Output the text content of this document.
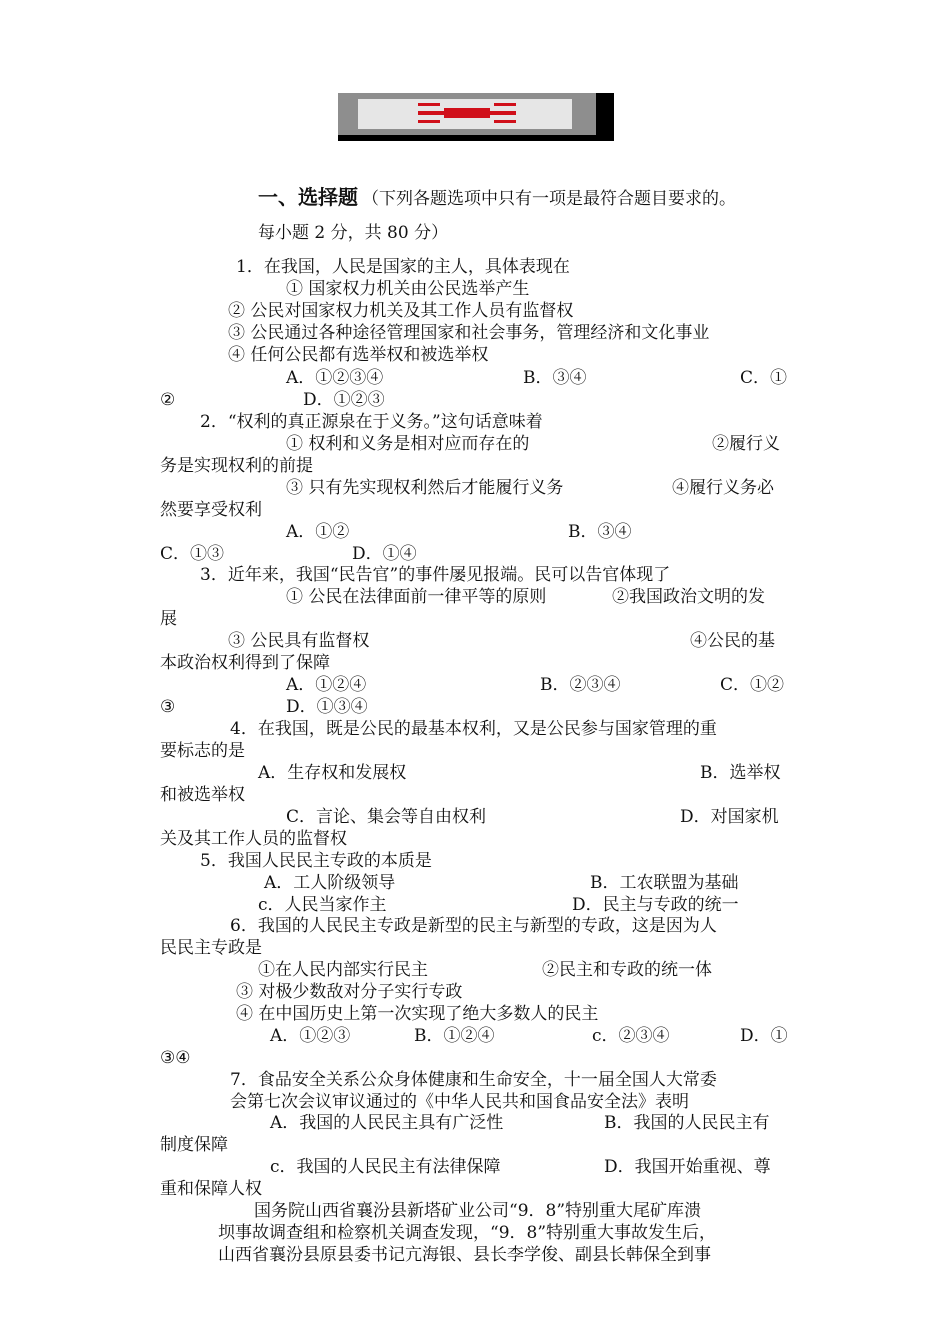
一、选择题 （下列各题选项中只有一项是最符合题目要求的。
每小题 2 分，共 80 分）
1．在我国，人民是国家的主人，具体表现在
① 国家权力机关由公民选举产生
② 公民对国家权力机关及其工作人员有监督权
③ 公民通过各种途径管理国家和社会事务，管理经济和文化事业
④ 任何公民都有选举权和被选举权
A．①②③④	B．③④	C．①
②	D．①②③
2．“权利的真正源泉在于义务。”这句话意味着
① 权利和义务是相对应而存在的	②履行义
务是实现权利的前提
③ 只有先实现权利然后才能履行义务	④履行义务必
然要享受权利
A．①②	B．③④
C．①③	D．①④
3．近年来，我国“民告官”的事件屡见报端。民可以告官体现了
① 公民在法律面前一律平等的原则	②我国政治文明的发
展
③ 公民具有监督权	④公民的基
本政治权利得到了保障
A．①②④	B．②③④	C．①②
③	D．①③④
4．在我国，既是公民的最基本权利，又是公民参与国家管理的重
要标志的是
A．生存权和发展权	B．选举权
和被选举权
C．言论、集会等自由权利	D．对国家机
关及其工作人员的监督权
5．我国人民民主专政的本质是
A．工人阶级领导	B．工农联盟为基础
c．人民当家作主	D．民主与专政的统一
6．我国的人民民主专政是新型的民主与新型的专政，这是因为人
民民主专政是
①在人民内部实行民主	②民主和专政的统一体
③ 对极少数敌对分子实行专政
④ 在中国历史上第一次实现了绝大多数人的民主
A．①②③	B．①②④	c．②③④	D．①
③④
7．食品安全关系公众身体健康和生命安全，十一届全国人大常委
会第七次会议审议通过的《中华人民共和国食品安全法》表明
A．我国的人民民主具有广泛性	B．我国的人民民主有
制度保障
c．我国的人民民主有法律保障	D．我国开始重视、尊
重和保障人权
国务院山西省襄汾县新塔矿业公司“9．8”特别重大尾矿库溃
坝事故调查组和检察机关调查发现，“9．8”特别重大事故发生后，
山西省襄汾县原县委书记亢海银、县长李学俊、副县长韩保全到事
